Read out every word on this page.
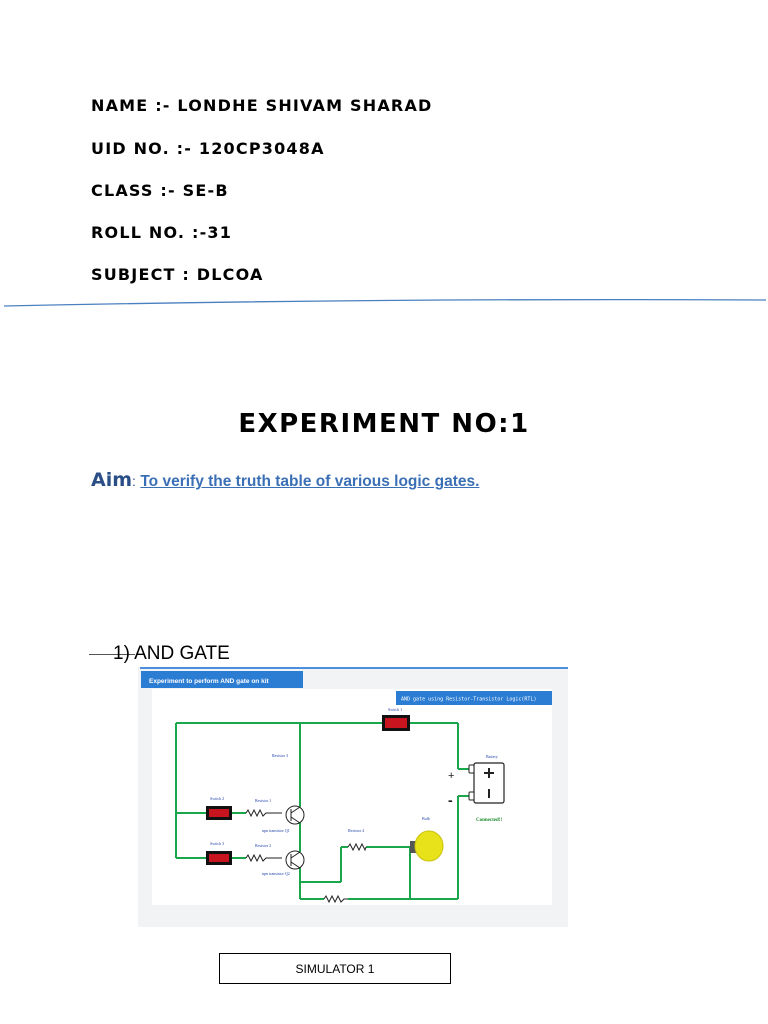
NAME :- LONDHE SHIVAM SHARAD
UID NO. :- 120CP3048A
CLASS :- SE-B
ROLL NO. :-31
SUBJECT : DLCOA
EXPERIMENT NO:1
Aim: To verify the truth table of various logic gates.
1) AND GATE
Experiment to perform AND gate on kit
AND gate using Resistor-Transistor Logic(RTL)
Switch 1
Switch 2
Switch 3
Resistor 1
Resistor 2
Resistor 3
Resistor 4
npn transistor Q1
npn transistor Q2
Bulb
Battery
+
-
Connected!!
SIMULATOR 1
